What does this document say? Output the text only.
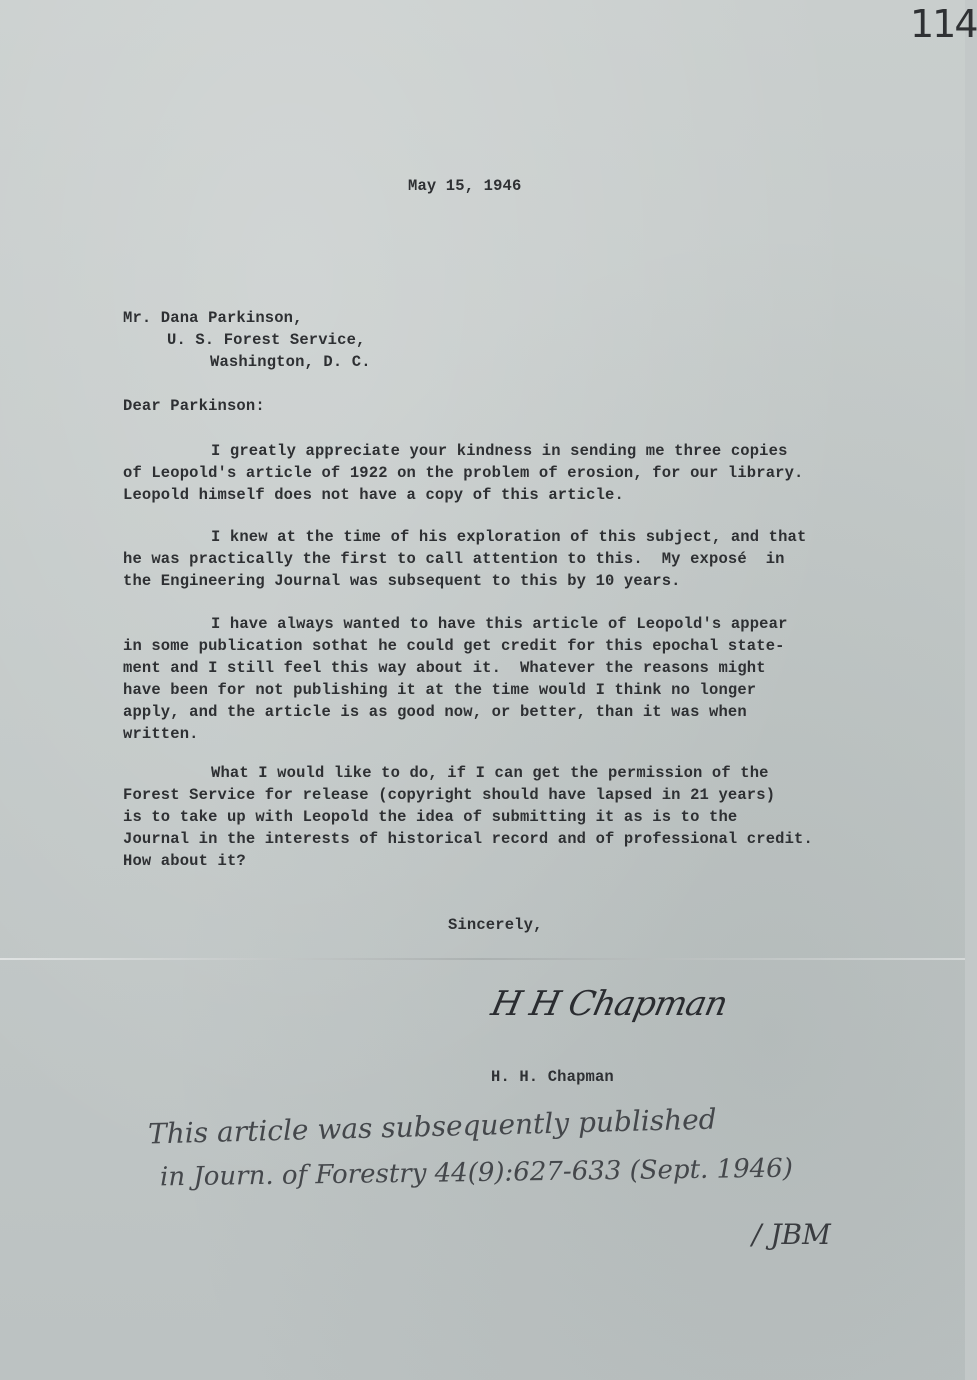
114
May 15, 1946
Mr. Dana Parkinson,
U. S. Forest Service,
Washington, D. C.
Dear Parkinson:
I greatly appreciate your kindness in sending me three copies
of Leopold's article of 1922 on the problem of erosion, for our library.
Leopold himself does not have a copy of this article.
I knew at the time of his exploration of this subject, and that
he was practically the first to call attention to this.  My exposé  in
the Engineering Journal was subsequent to this by 10 years.
I have always wanted to have this article of Leopold's appear
in some publication sothat he could get credit for this epochal state-
ment and I still feel this way about it.  Whatever the reasons might
have been for not publishing it at the time would I think no longer
apply, and the article is as good now, or better, than it was when
written.
What I would like to do, if I can get the permission of the
Forest Service for release (copyright should have lapsed in 21 years)
is to take up with Leopold the idea of submitting it as is to the
Journal in the interests of historical record and of professional credit.
How about it?
Sincerely,
H H Chapman
H. H. Chapman
This article was subsequently published
in Journ. of Forestry 44(9):627-633 (Sept. 1946)
/ JBM
